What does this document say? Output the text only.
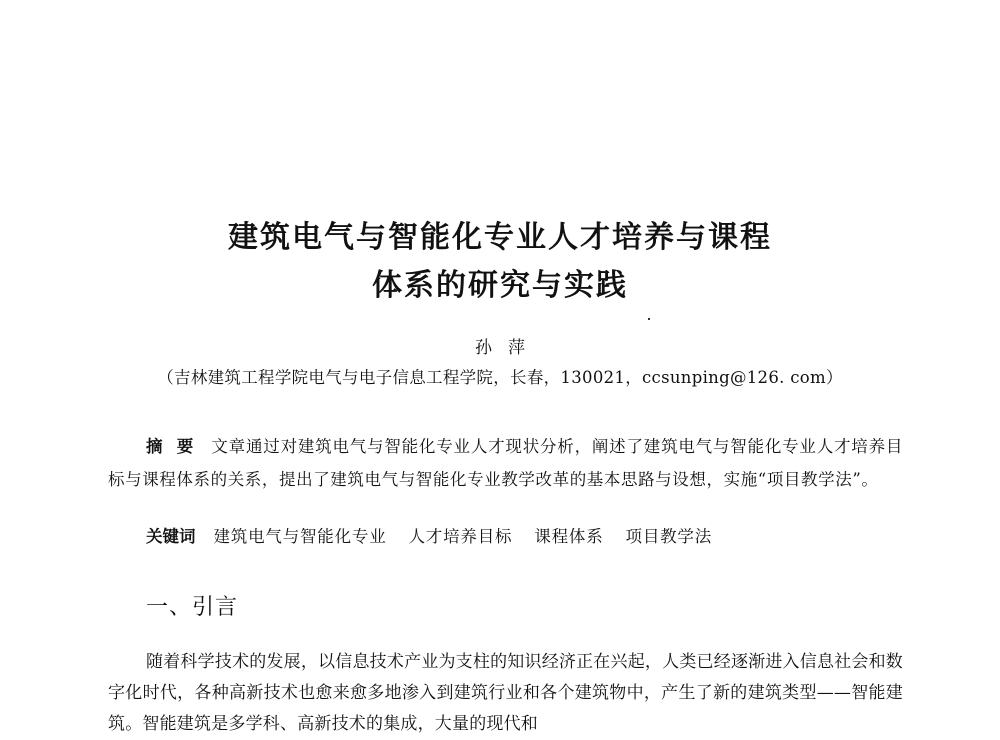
建筑电气与智能化专业人才培养与课程
体系的研究与实践
孙萍
（吉林建筑工程学院电气与电子信息工程学院，长春，130021，ccsunping@126. com）
摘要 文章通过对建筑电气与智能化专业人才现状分析，阐述了建筑电气与智能化专业人才培养目标与课程体系的关系，提出了建筑电气与智能化专业教学改革的基本思路与设想，实施“项目教学法”。
关键词 建筑电气与智能化专业 人才培养目标 课程体系 项目教学法
一、引言
随着科学技术的发展，以信息技术产业为支柱的知识经济正在兴起，人类已经逐渐进入信息社会和数字化时代，各种高新技术也愈来愈多地渗入到建筑行业和各个建筑物中，产生了新的建筑类型——智能建筑。智能建筑是多学科、高新技术的集成，大量的现代和
